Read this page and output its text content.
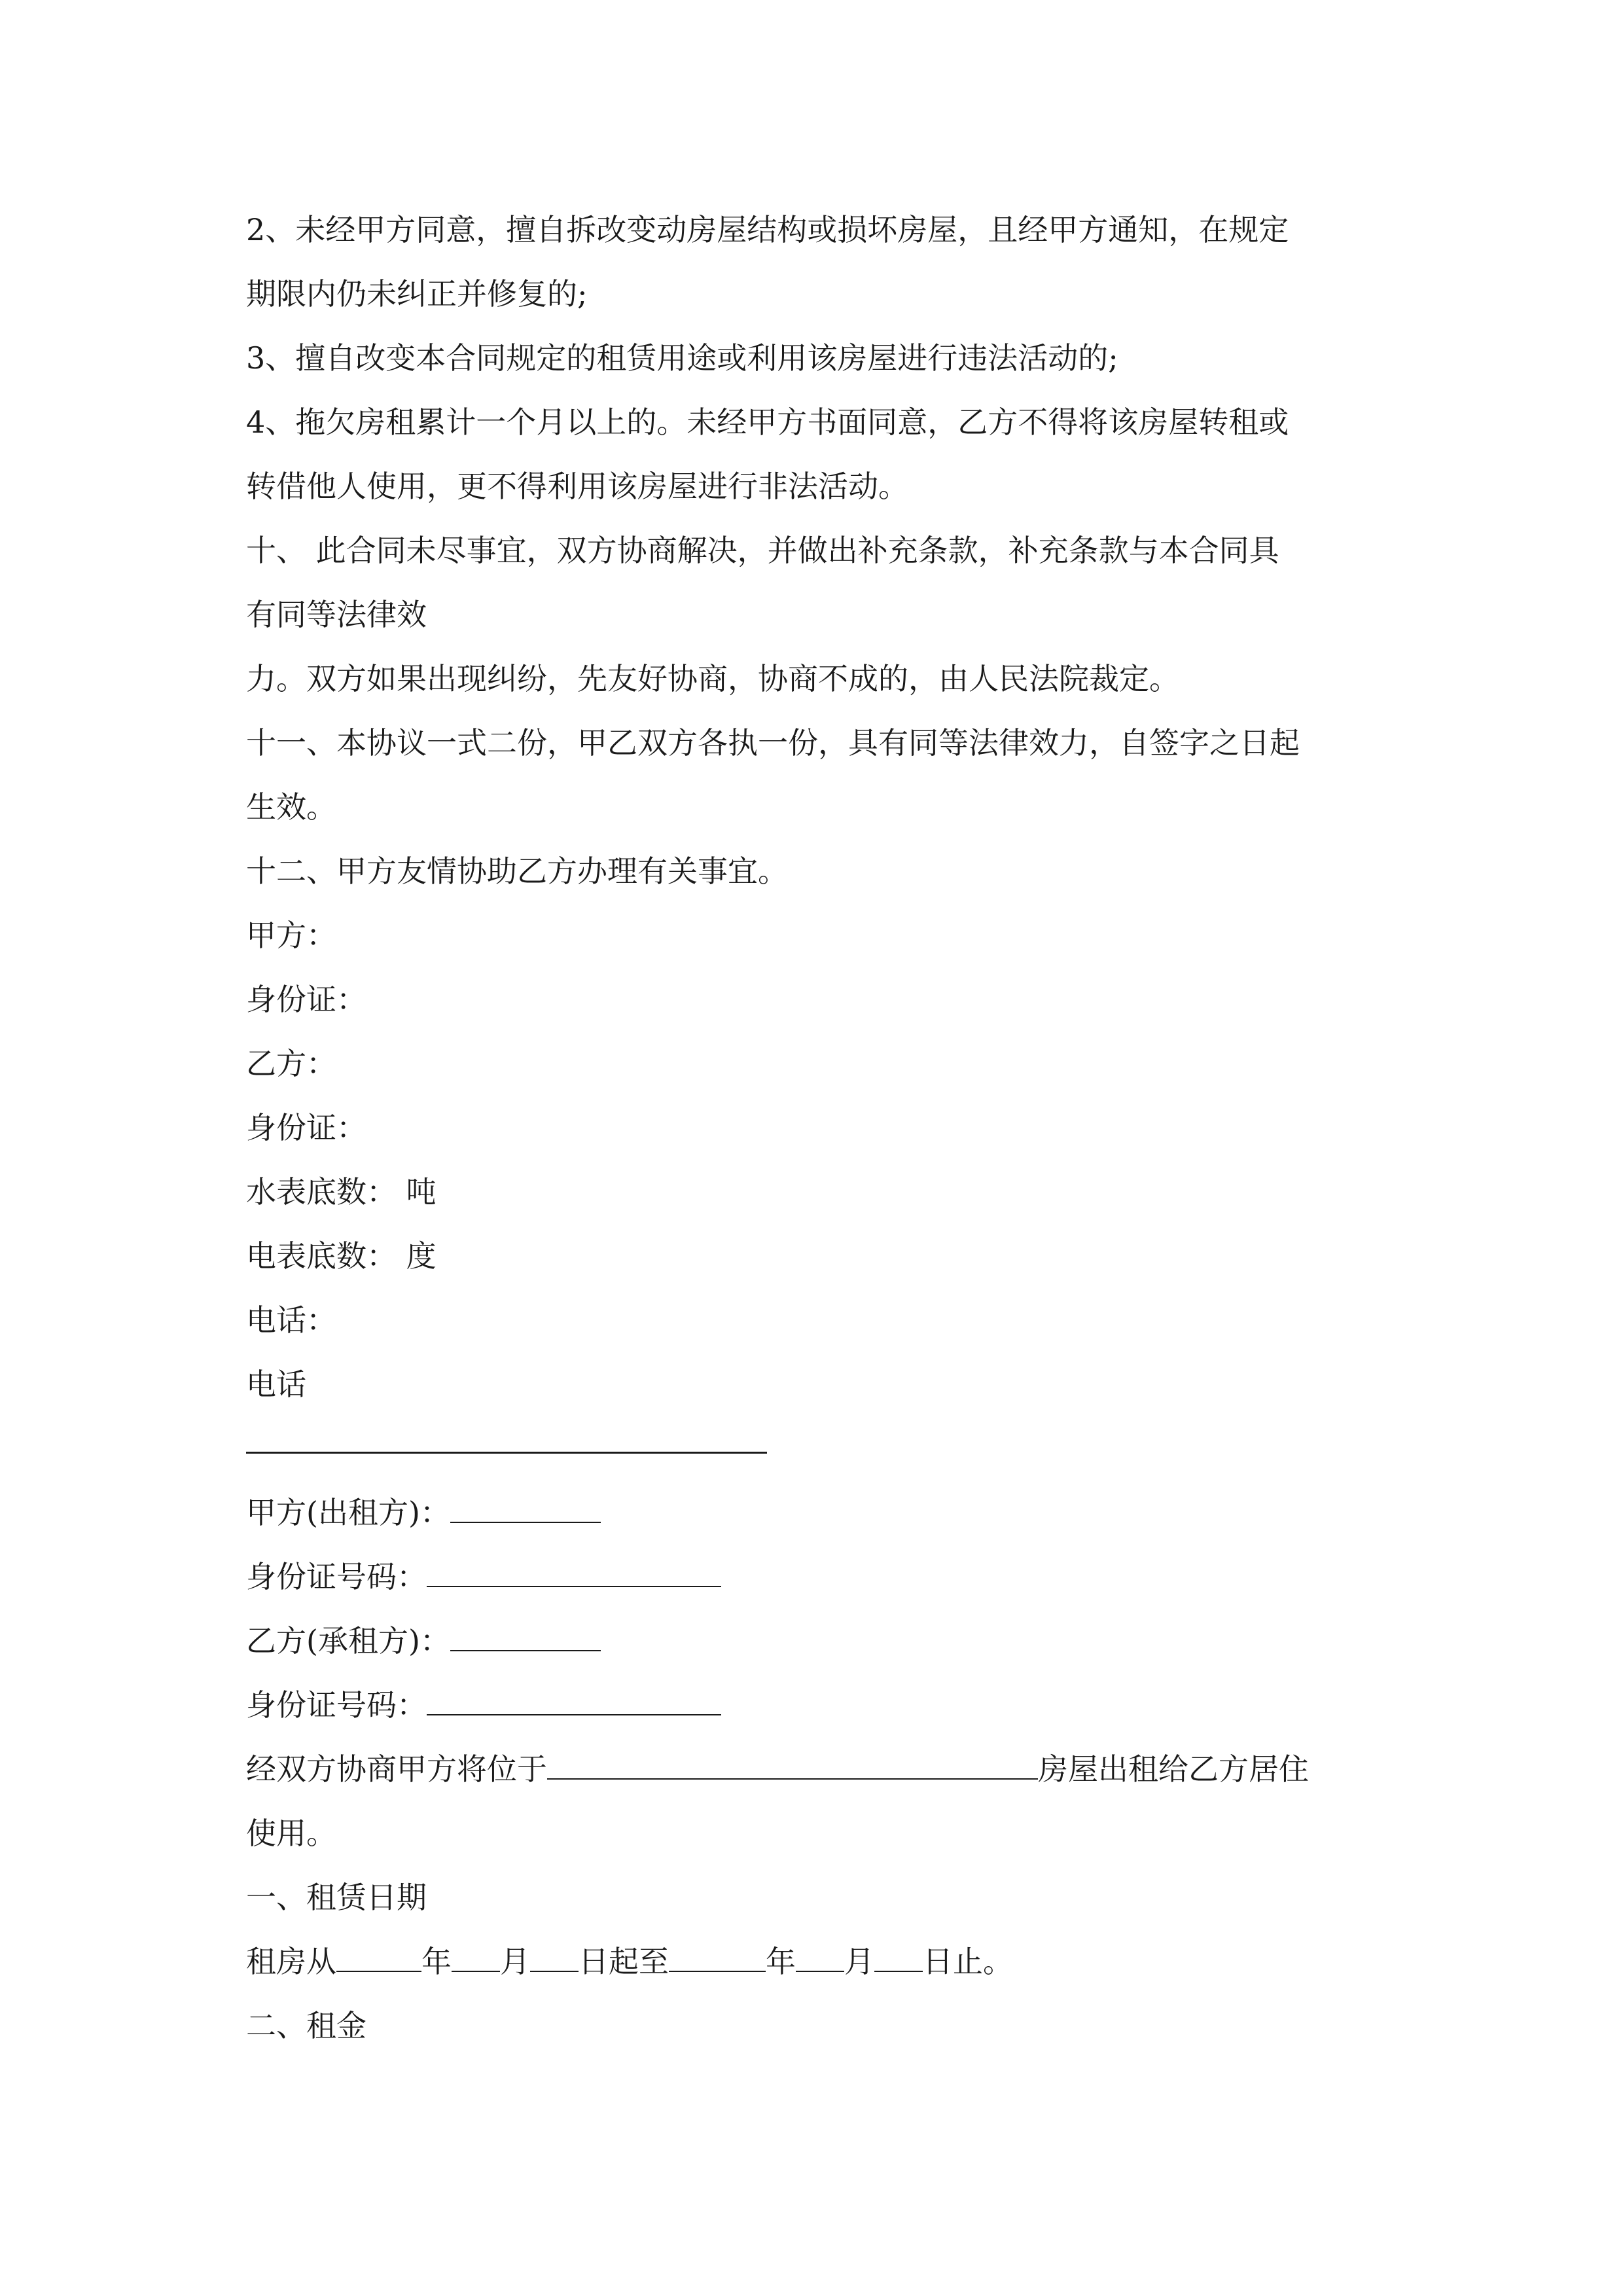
2、未经甲方同意，擅自拆改变动房屋结构或损坏房屋，且经甲方通知，在规定
期限内仍未纠正并修复的;
3、擅自改变本合同规定的租赁用途或利用该房屋进行违法活动的;
4、拖欠房租累计一个月以上的。未经甲方书面同意，乙方不得将该房屋转租或
转借他人使用，更不得利用该房屋进行非法活动。
十、 此合同未尽事宜，双方协商解决，并做出补充条款，补充条款与本合同具
有同等法律效
力。双方如果出现纠纷，先友好协商，协商不成的，由人民法院裁定。
十一、本协议一式二份，甲乙双方各执一份，具有同等法律效力，自签字之日起
生效。
十二、甲方友情协助乙方办理有关事宜。
甲方：
身份证：
乙方：
身份证：
水表底数： 吨
电表底数： 度
电话：
电话
甲方(出租方)：
身份证号码：
乙方(承租方)：
身份证号码：
经双方协商甲方将位于	房屋出租给乙方居住
使用。
一、租赁日期
租房从	年 月 日起至	年 月 日止。
二、租金
